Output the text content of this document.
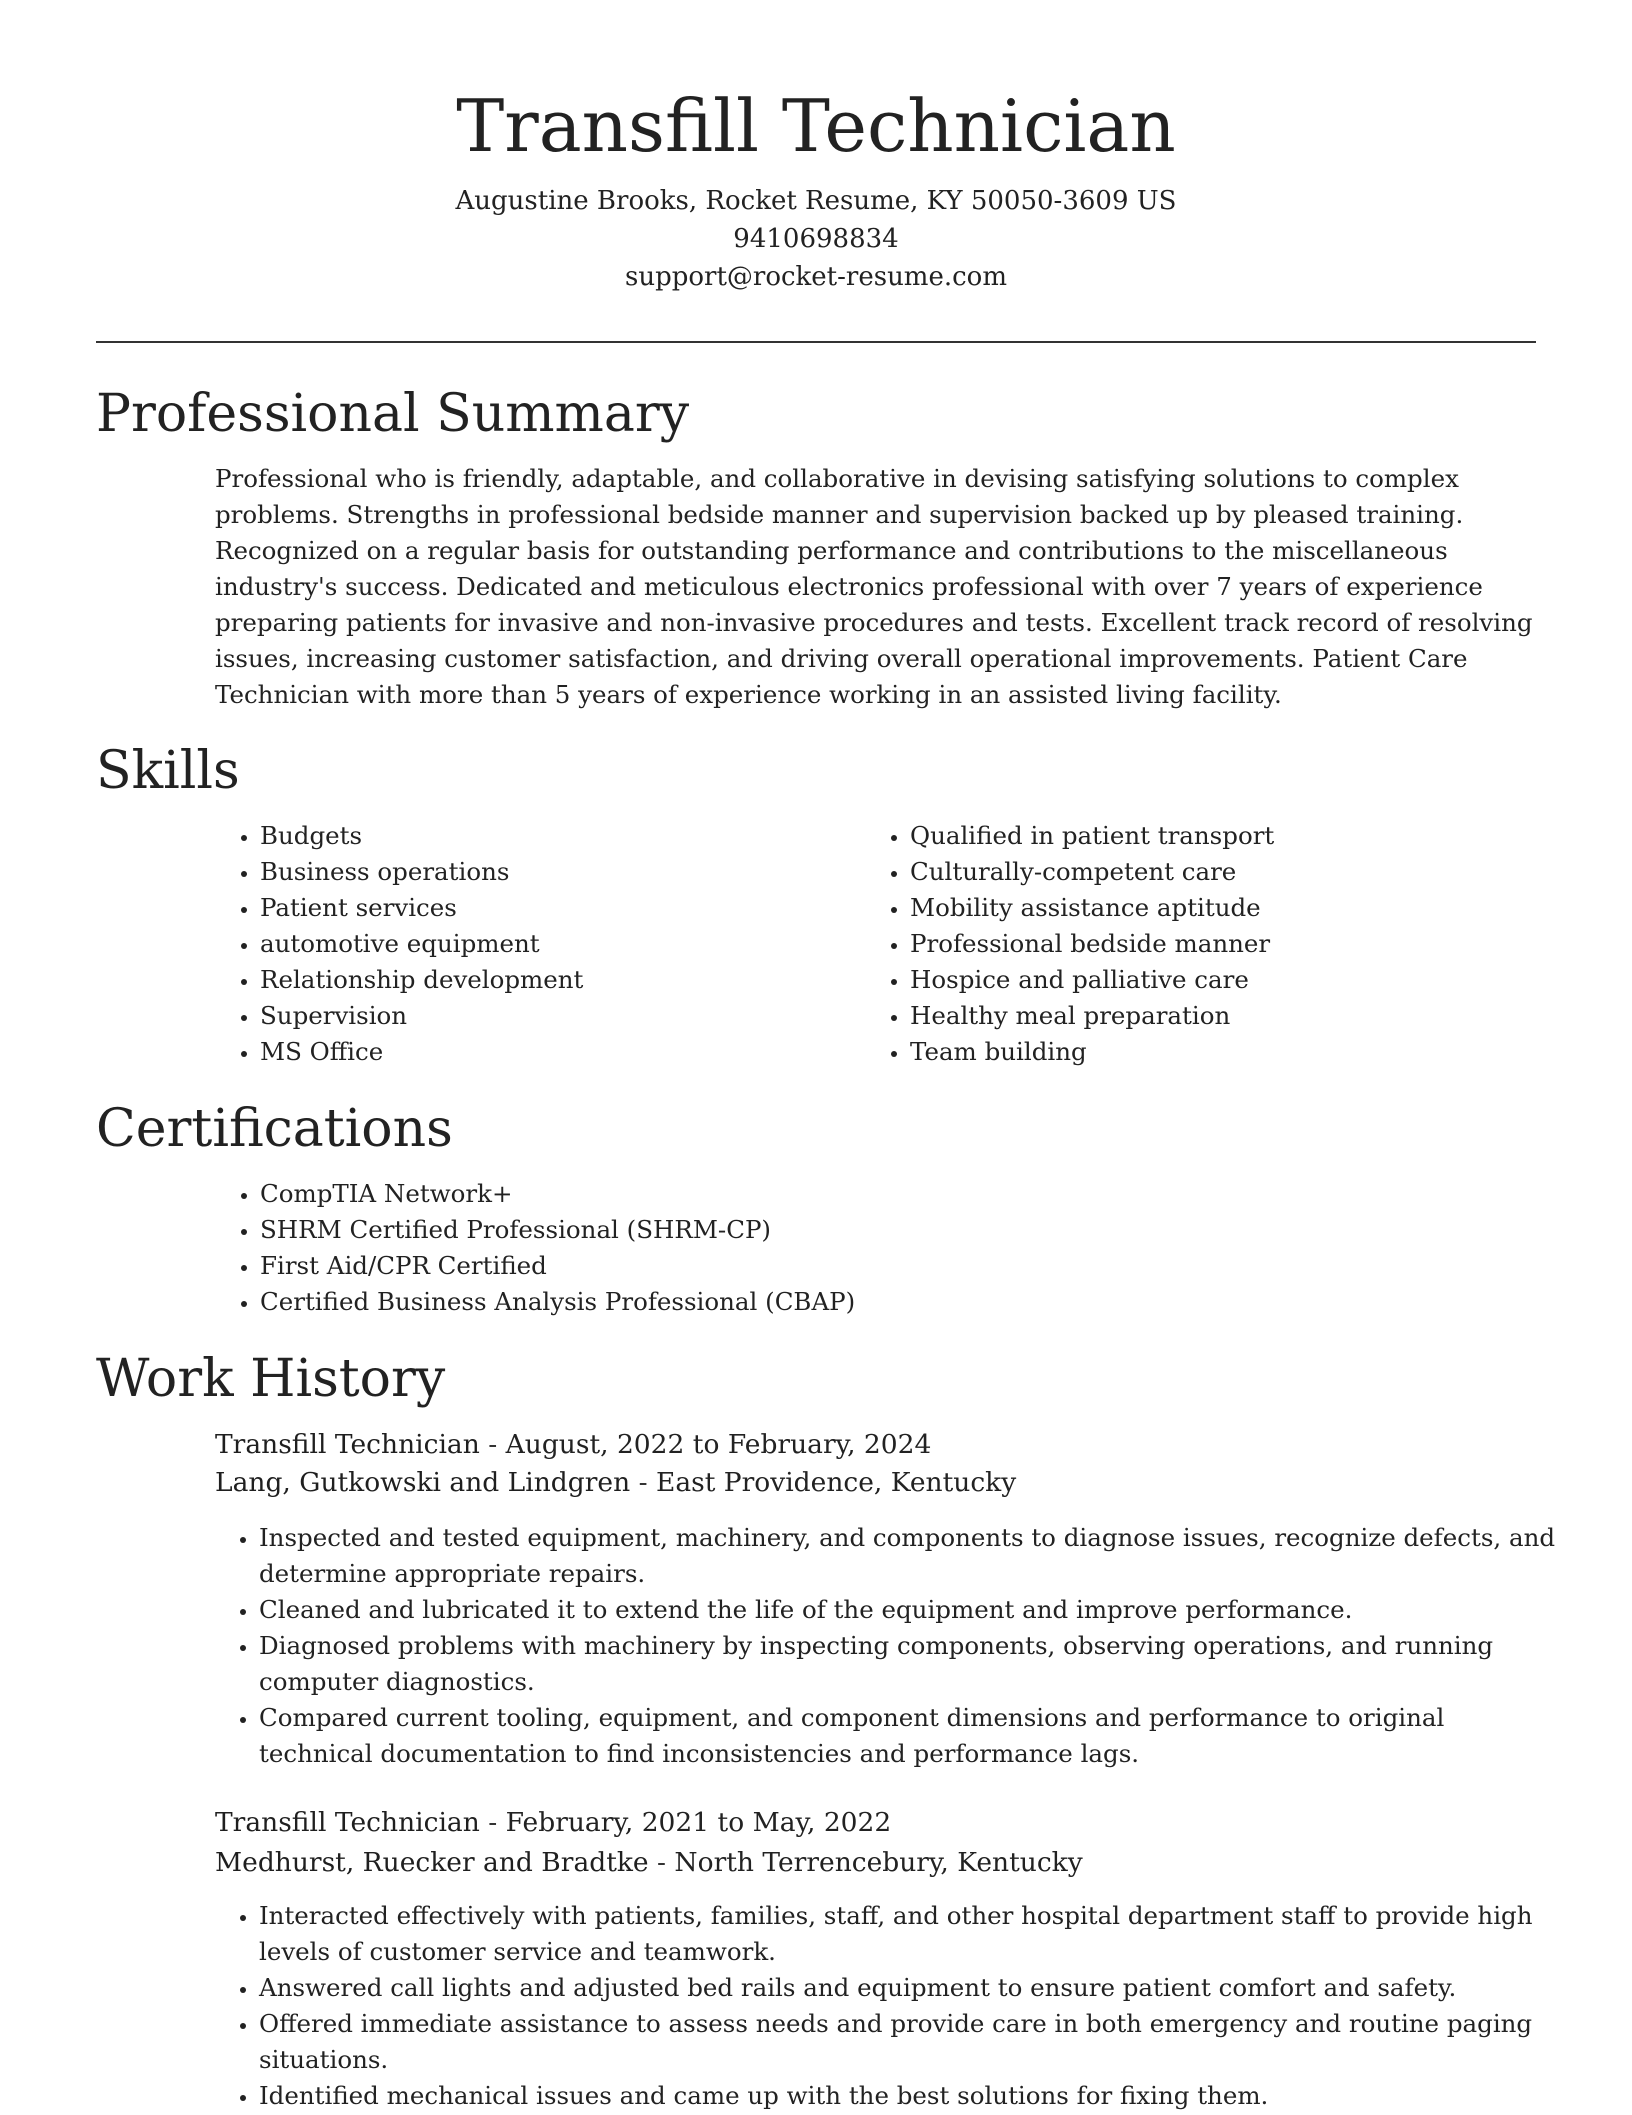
Transfill Technician

Augustine Brooks, Rocket Resume, KY 50050-3609 US

9410698834

support@rocket-resume.com

Professional Summary

Professional who is friendly, adaptable, and collaborative in devising satisfying solutions to complex problems. Strengths in professional bedside manner and supervision backed up by pleased training. Recognized on a regular basis for outstanding performance and contributions to the miscellaneous industry's success. Dedicated and meticulous electronics professional with over 7 years of experience preparing patients for invasive and non-invasive procedures and tests. Excellent track record of resolving issues, increasing customer satisfaction, and driving overall operational improvements. Patient Care Technician with more than 5 years of experience working in an assisted living facility.

Skills
• Budgets
• Business operations
• Patient services
• automotive equipment
• Relationship development
• Supervision
• MS Office
• Qualified in patient transport
• Culturally-competent care
• Mobility assistance aptitude
• Professional bedside manner
• Hospice and palliative care
• Healthy meal preparation
• Team building
Certifications
• CompTIA Network+
• SHRM Certified Professional (SHRM-CP)
• First Aid/CPR Certified
• Certified Business Analysis Professional (CBAP)
Work History

Transfill Technician - August, 2022 to February, 2024

Lang, Gutkowski and Lindgren - East Providence, Kentucky

• Inspected and tested equipment, machinery, and components to diagnose issues, recognize defects, and determine appropriate repairs.
• Cleaned and lubricated it to extend the life of the equipment and improve performance.
• Diagnosed problems with machinery by inspecting components, observing operations, and running computer diagnostics.
• Compared current tooling, equipment, and component dimensions and performance to original technical documentation to find inconsistencies and performance lags.

Transfill Technician - February, 2021 to May, 2022

Medhurst, Ruecker and Bradtke - North Terrencebury, Kentucky

• Interacted effectively with patients, families, staff, and other hospital department staff to provide high levels of customer service and teamwork.
• Answered call lights and adjusted bed rails and equipment to ensure patient comfort and safety.
• Offered immediate assistance to assess needs and provide care in both emergency and routine paging situations.
• Identified mechanical issues and came up with the best solutions for fixing them.
